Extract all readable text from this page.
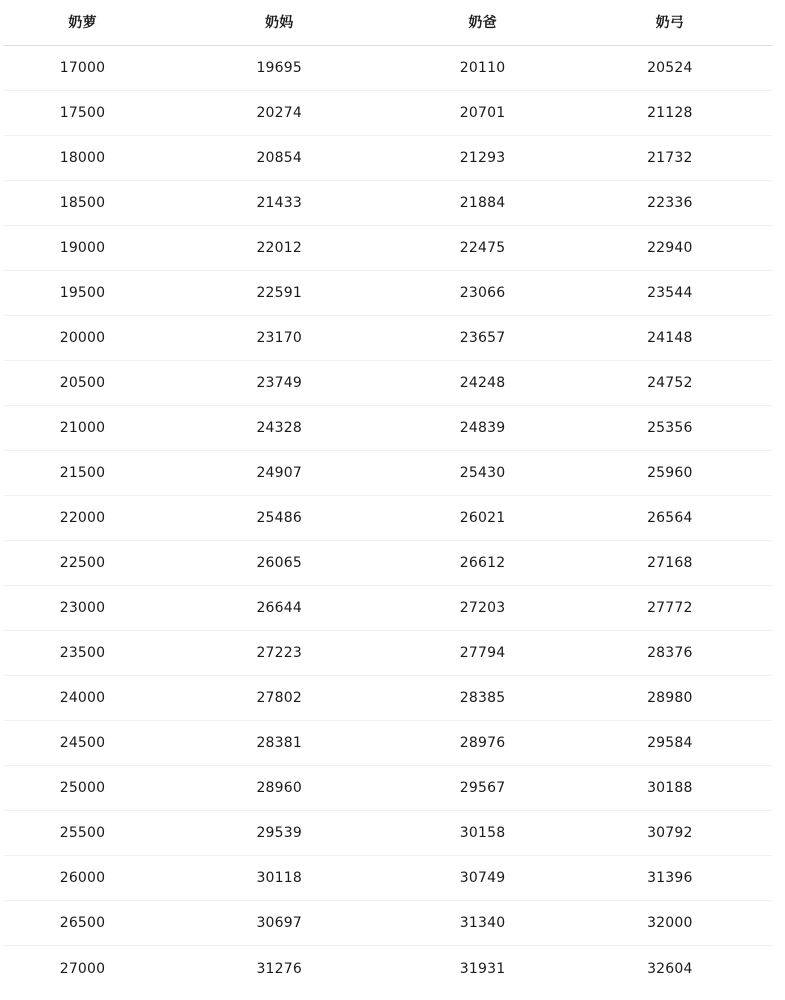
奶萝	奶妈	奶爸	奶弓
17000	19695	20110	20524
17500	20274	20701	21128
18000	20854	21293	21732
18500	21433	21884	22336
19000	22012	22475	22940
19500	22591	23066	23544
20000	23170	23657	24148
20500	23749	24248	24752
21000	24328	24839	25356
21500	24907	25430	25960
22000	25486	26021	26564
22500	26065	26612	27168
23000	26644	27203	27772
23500	27223	27794	28376
24000	27802	28385	28980
24500	28381	28976	29584
25000	28960	29567	30188
25500	29539	30158	30792
26000	30118	30749	31396
26500	30697	31340	32000
27000	31276	31931	32604
